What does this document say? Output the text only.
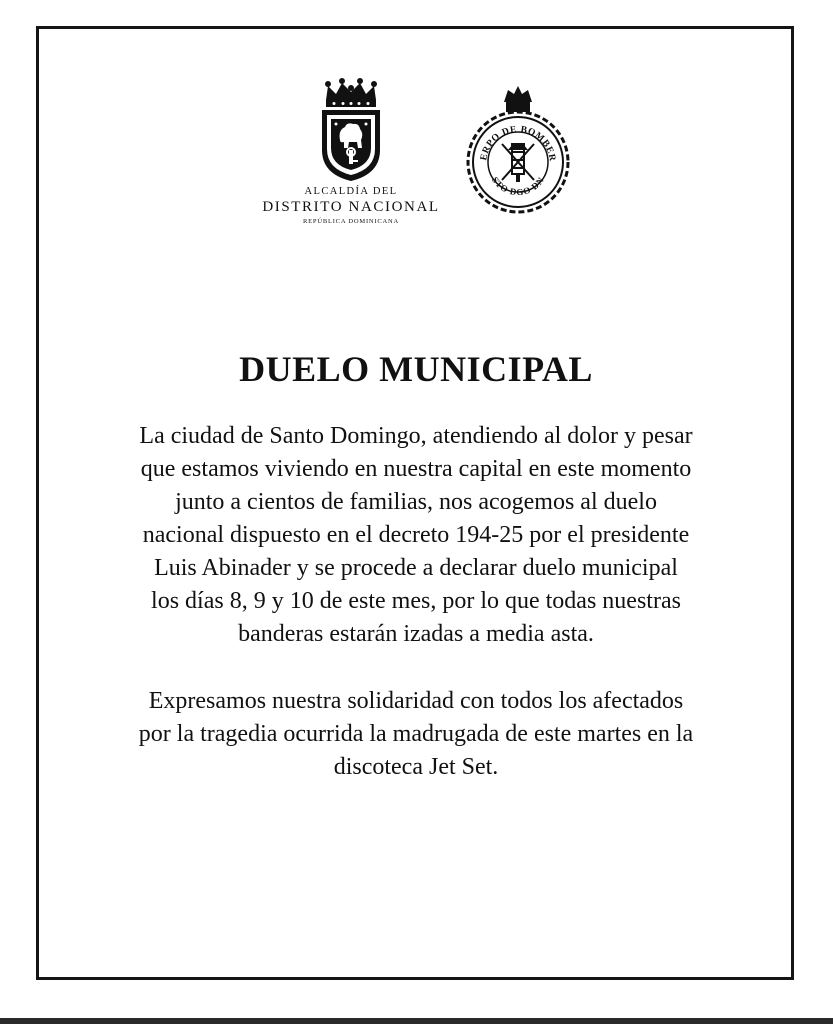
ALCALDÍA DEL
DISTRITO NACIONAL
REPÚBLICA DOMINICANA
ERPO DE BOMBER
STO DGO DN
DUELO MUNICIPAL

La ciudad de Santo Domingo, atendiendo al dolor y pesar
que estamos viviendo en nuestra capital en este momento
junto a cientos de familias, nos acogemos al duelo
nacional dispuesto en el decreto 194-25 por el presidente
Luis Abinader y se procede a declarar duelo municipal
los días 8, 9 y 10 de este mes, por lo que todas nuestras
banderas estarán izadas a media asta.

Expresamos nuestra solidaridad con todos los afectados
por la tragedia ocurrida la madrugada de este martes en la
discoteca Jet Set.
